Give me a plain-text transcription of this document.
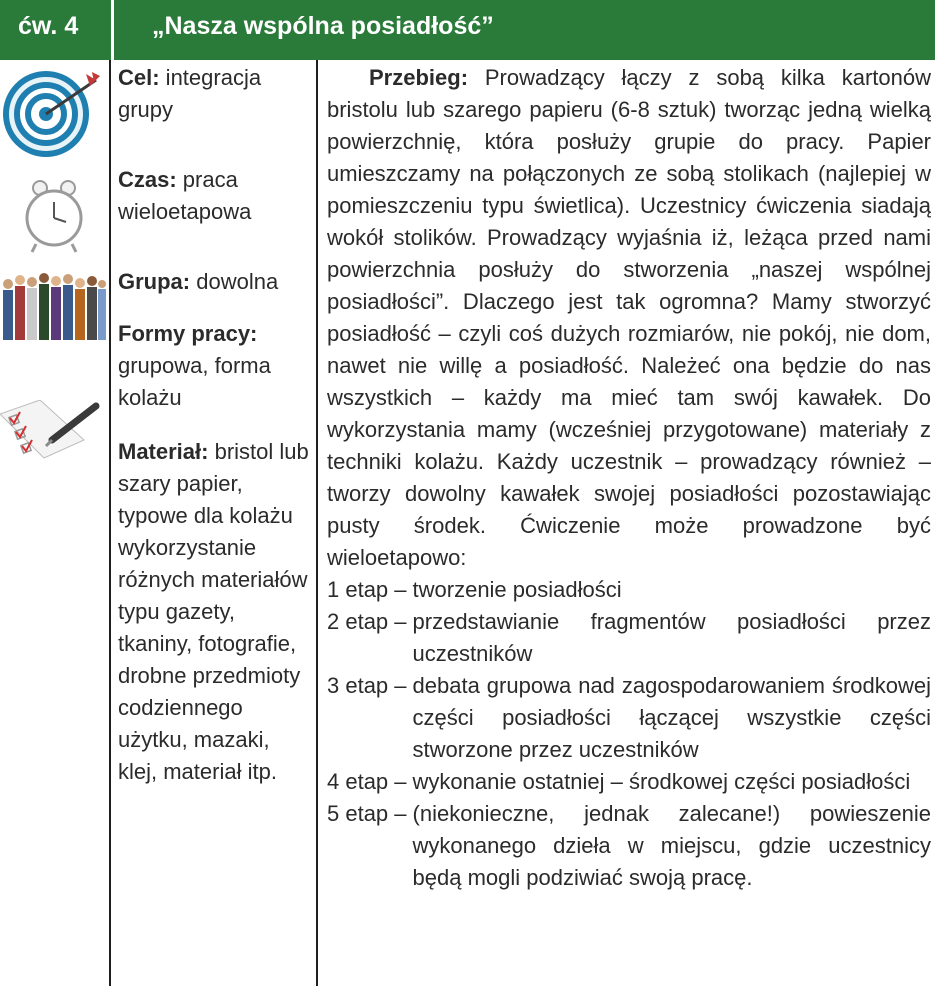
ćw. 4	„Nasza wspólna posiadłość”
Cel: integracja grupy
Czas: praca wieloetapowa
Grupa: dowolna
Formy pracy:
grupowa, forma kolażu
Materiał: bristol lub szary papier, typowe dla kolażu wykorzystanie różnych materiałów typu gazety, tkaniny, fotografie, drobne przedmioty codziennego użytku, mazaki, klej, materiał itp.

Przebieg: Prowadzący łączy z sobą kilka kartonów bristolu lub szarego papieru (6-8 sztuk) tworząc jedną wielką powierzchnię, która posłuży grupie do pracy. Papier umieszczamy na połączonych ze sobą stolikach (najlepiej w pomieszczeniu typu świetlica). Uczestnicy ćwiczenia siadają wokół stolików. Prowadzący wyjaśnia iż, leżąca przed nami powierzchnia posłuży do stworzenia „naszej wspólnej posiadłości”. Dlaczego jest tak ogromna? Mamy stworzyć posiadłość – czyli coś dużych rozmiarów, nie pokój, nie dom, nawet nie willę a posiadłość. Należeć ona będzie do nas wszystkich – każdy ma mieć tam swój kawałek. Do wykorzystania mamy (wcześniej przygotowane) materiały z techniki kolażu. Każdy uczestnik – prowadzący również – tworzy dowolny kawałek swojej posiadłości pozostawiając pusty środek. Ćwiczenie może prowadzone być wieloetapowo:

1 etap – tworzenie posiadłości
2 etap – przedstawianie fragmentów posiadłości przez uczestników
3 etap – debata grupowa nad zagospodarowaniem środkowej części posiadłości łączącej wszystkie części stworzone przez uczestników
4 etap – wykonanie ostatniej – środkowej części posiadłości
5 etap – (niekonieczne, jednak zalecane!) powieszenie wykonanego dzieła w miejscu, gdzie uczestnicy będą mogli podziwiać swoją pracę.
